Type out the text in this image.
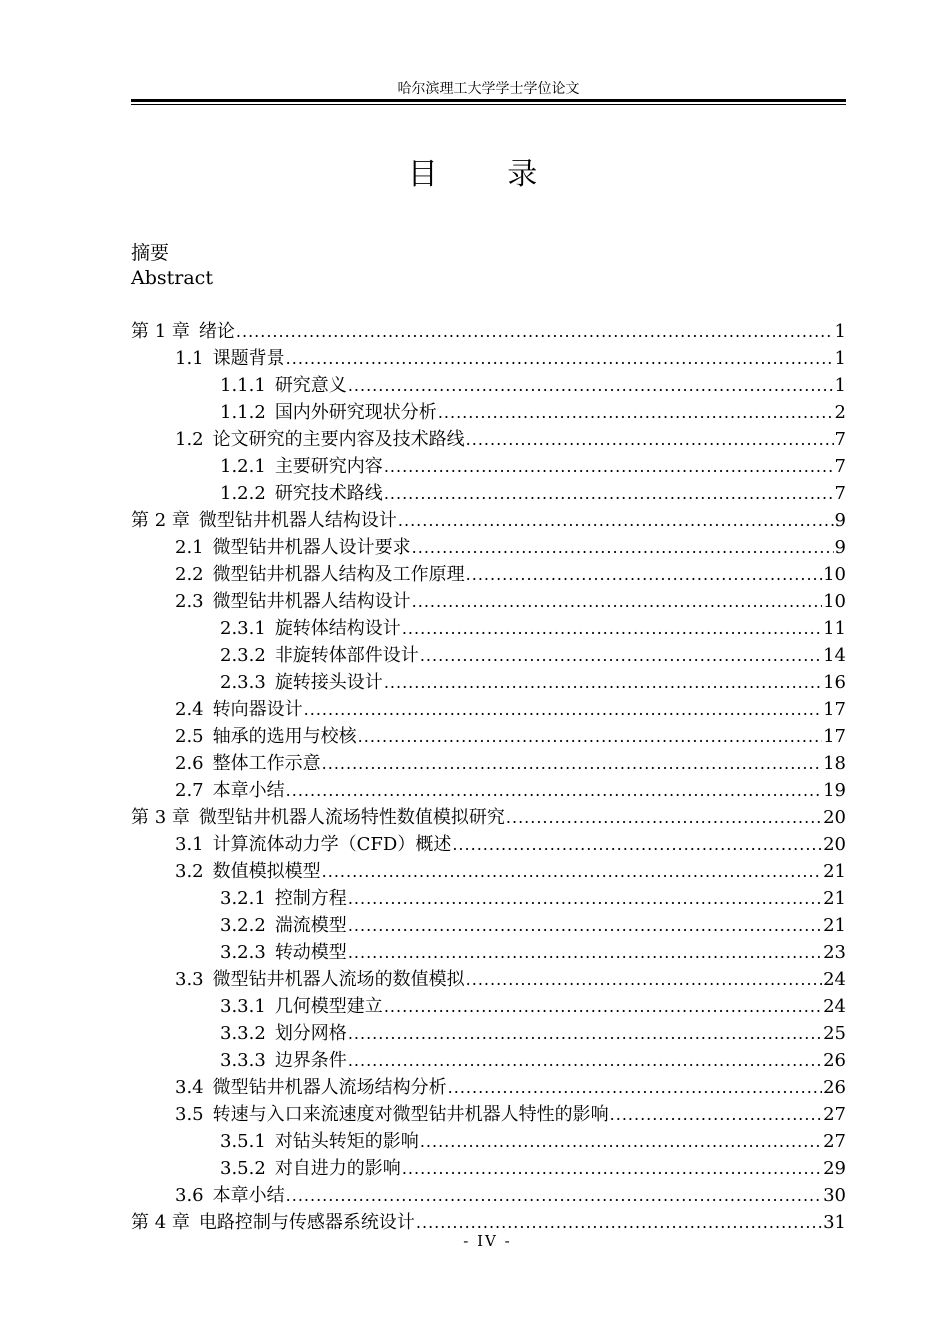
哈尔滨理工大学学士学位论文
目 录
摘要
Abstract
第 1 章 绪论 .....	1
1.1 课题背景 .....	1
1.1.1 研究意义 .....	1
1.1.2 国内外研究现状分析 .....	2
1.2 论文研究的主要内容及技术路线 .....	7
1.2.1 主要研究内容 .....	7
1.2.2 研究技术路线 .....	7
第 2 章 微型钻井机器人结构设计 .....	9
2.1 微型钻井机器人设计要求 .....	9
2.2 微型钻井机器人结构及工作原理 .....	10
2.3 微型钻井机器人结构设计 .....	10
2.3.1 旋转体结构设计 .....	11
2.3.2 非旋转体部件设计 .....	14
2.3.3 旋转接头设计 .....	16
2.4 转向器设计 .....	17
2.5 轴承的选用与校核 .....	17
2.6 整体工作示意 .....	18
2.7 本章小结 .....	19
第 3 章 微型钻井机器人流场特性数值模拟研究 .....	20
3.1 计算流体动力学（CFD）概述 .....	20
3.2 数值模拟模型 .....	21
3.2.1 控制方程 .....	21
3.2.2 湍流模型 .....	21
3.2.3 转动模型 .....	23
3.3 微型钻井机器人流场的数值模拟 .....	24
3.3.1 几何模型建立 .....	24
3.3.2 划分网格 .....	25
3.3.3 边界条件 .....	26
3.4 微型钻井机器人流场结构分析 .....	26
3.5 转速与入口来流速度对微型钻井机器人特性的影响 .....	27
3.5.1 对钻头转矩的影响 .....	27
3.5.2 对自进力的影响 .....	29
3.6 本章小结 .....	30
第 4 章 电路控制与传感器系统设计 .....	31
- IV -
